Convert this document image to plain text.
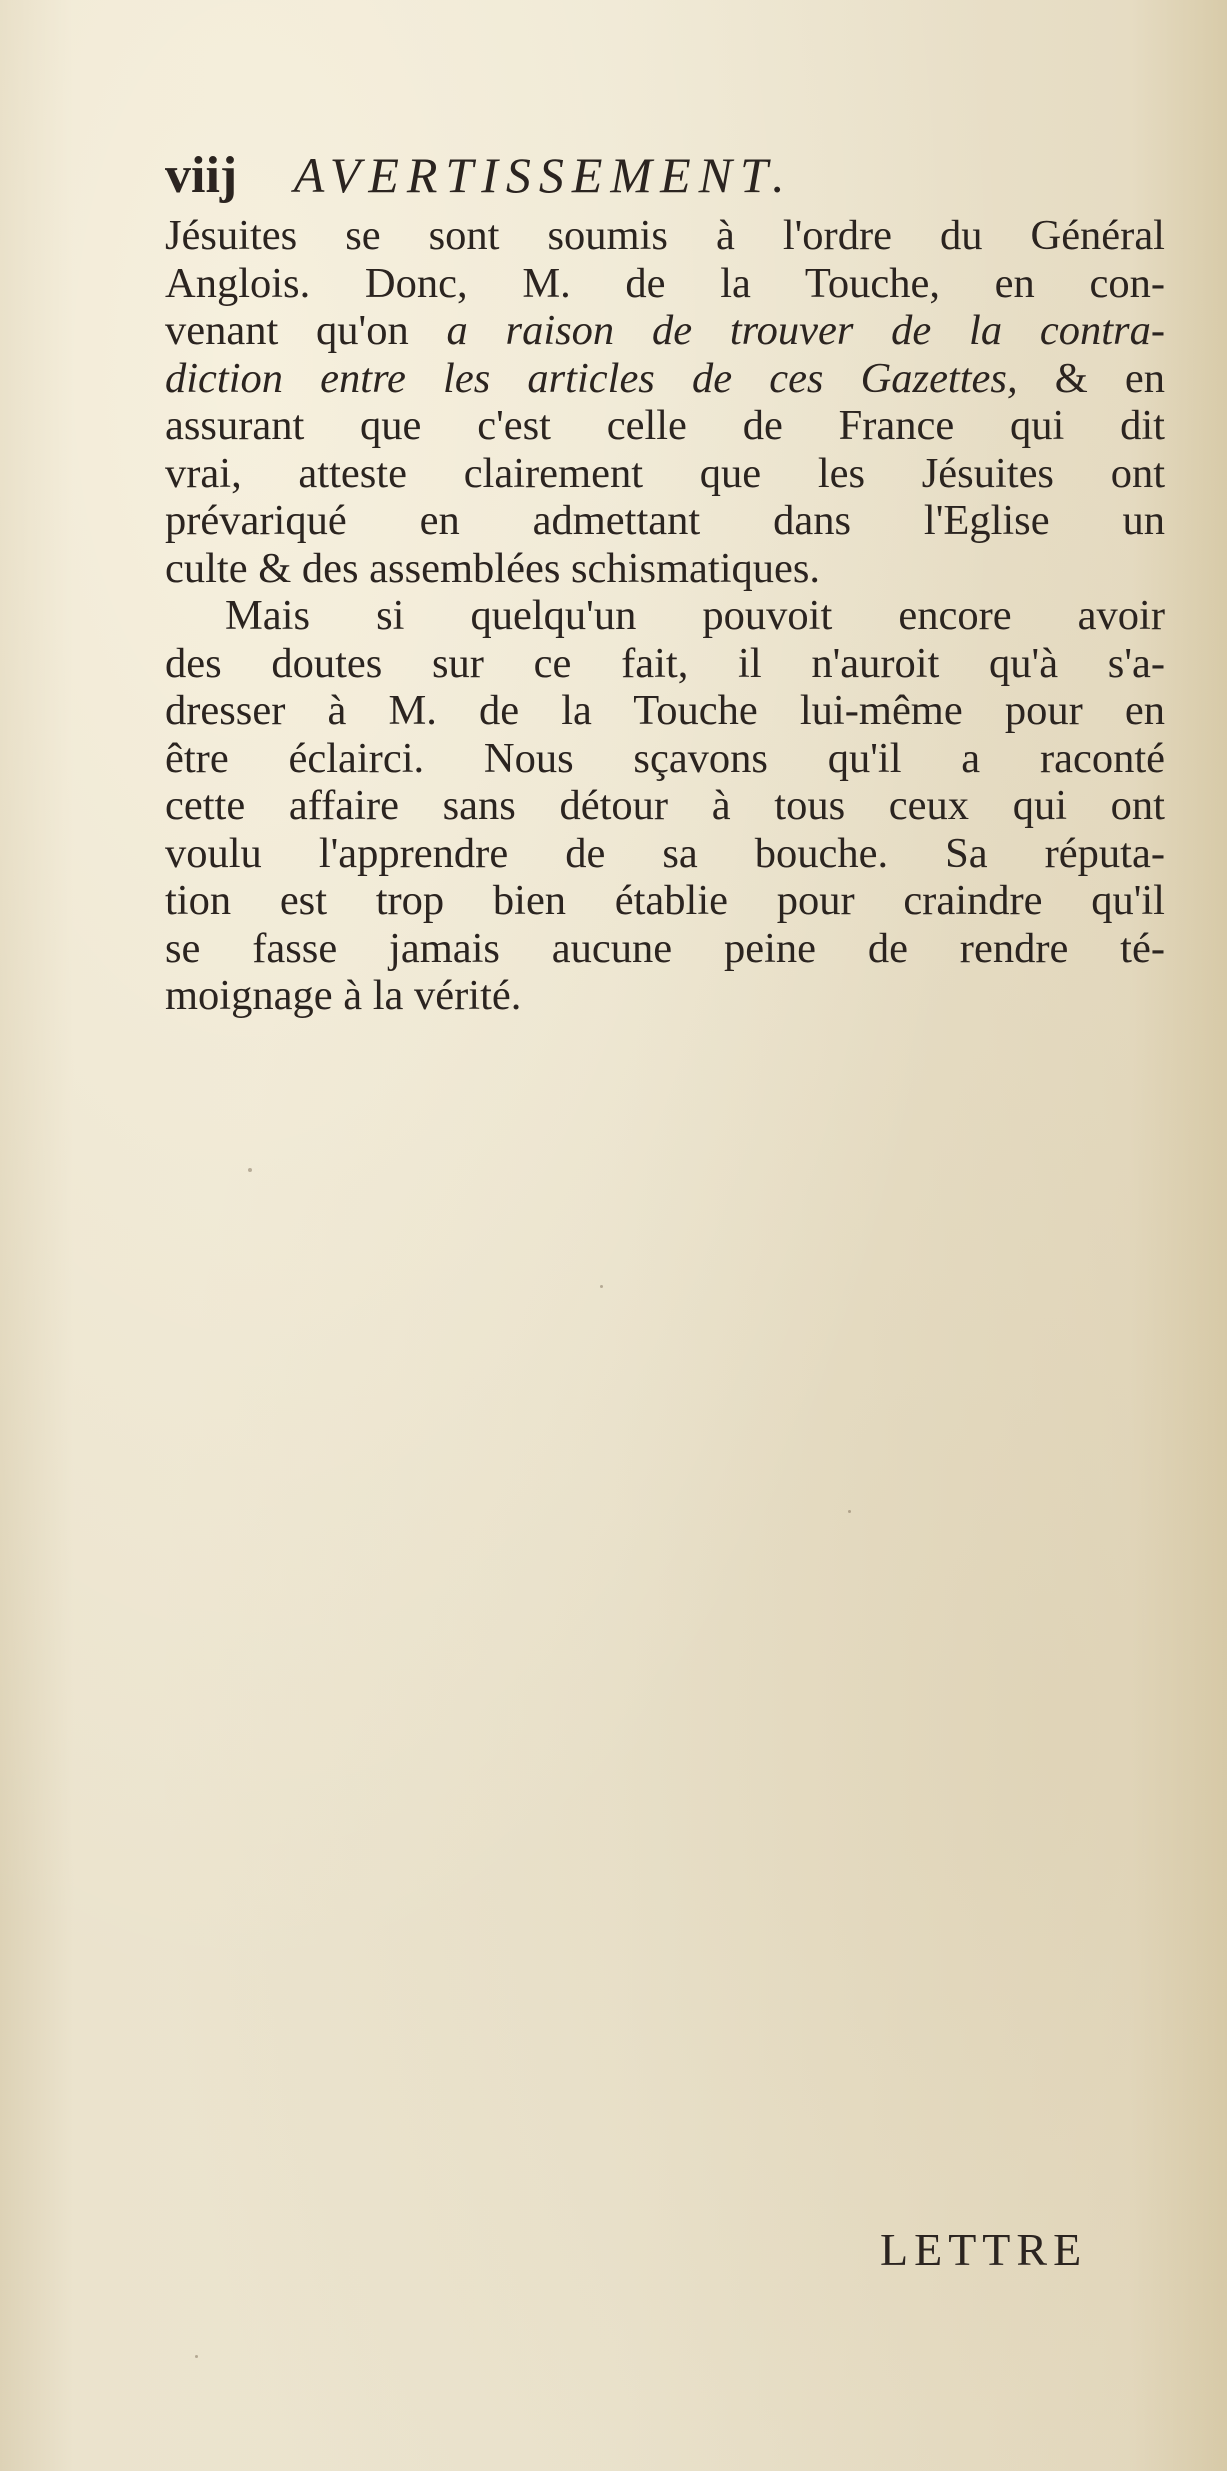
viij AVERTISSEMENT.
Jésuites se sont soumis à l'ordre du Général
Anglois. Donc, M. de la Touche, en con-
venant qu'on a raison de trouver de la contra-
diction entre les articles de ces Gazettes, & en
assurant que c'est celle de France qui dit
vrai, atteste clairement que les Jésuites ont
prévariqué en admettant dans l'Eglise un
culte & des assemblées schismatiques.
Mais si quelqu'un pouvoit encore avoir
des doutes sur ce fait, il n'auroit qu'à s'a-
dresser à M. de la Touche lui-même pour en
être éclairci. Nous sçavons qu'il a raconté
cette affaire sans détour à tous ceux qui ont
voulu l'apprendre de sa bouche. Sa réputa-
tion est trop bien établie pour craindre qu'il
se fasse jamais aucune peine de rendre té-
moignage à la vérité.
LETTRE
